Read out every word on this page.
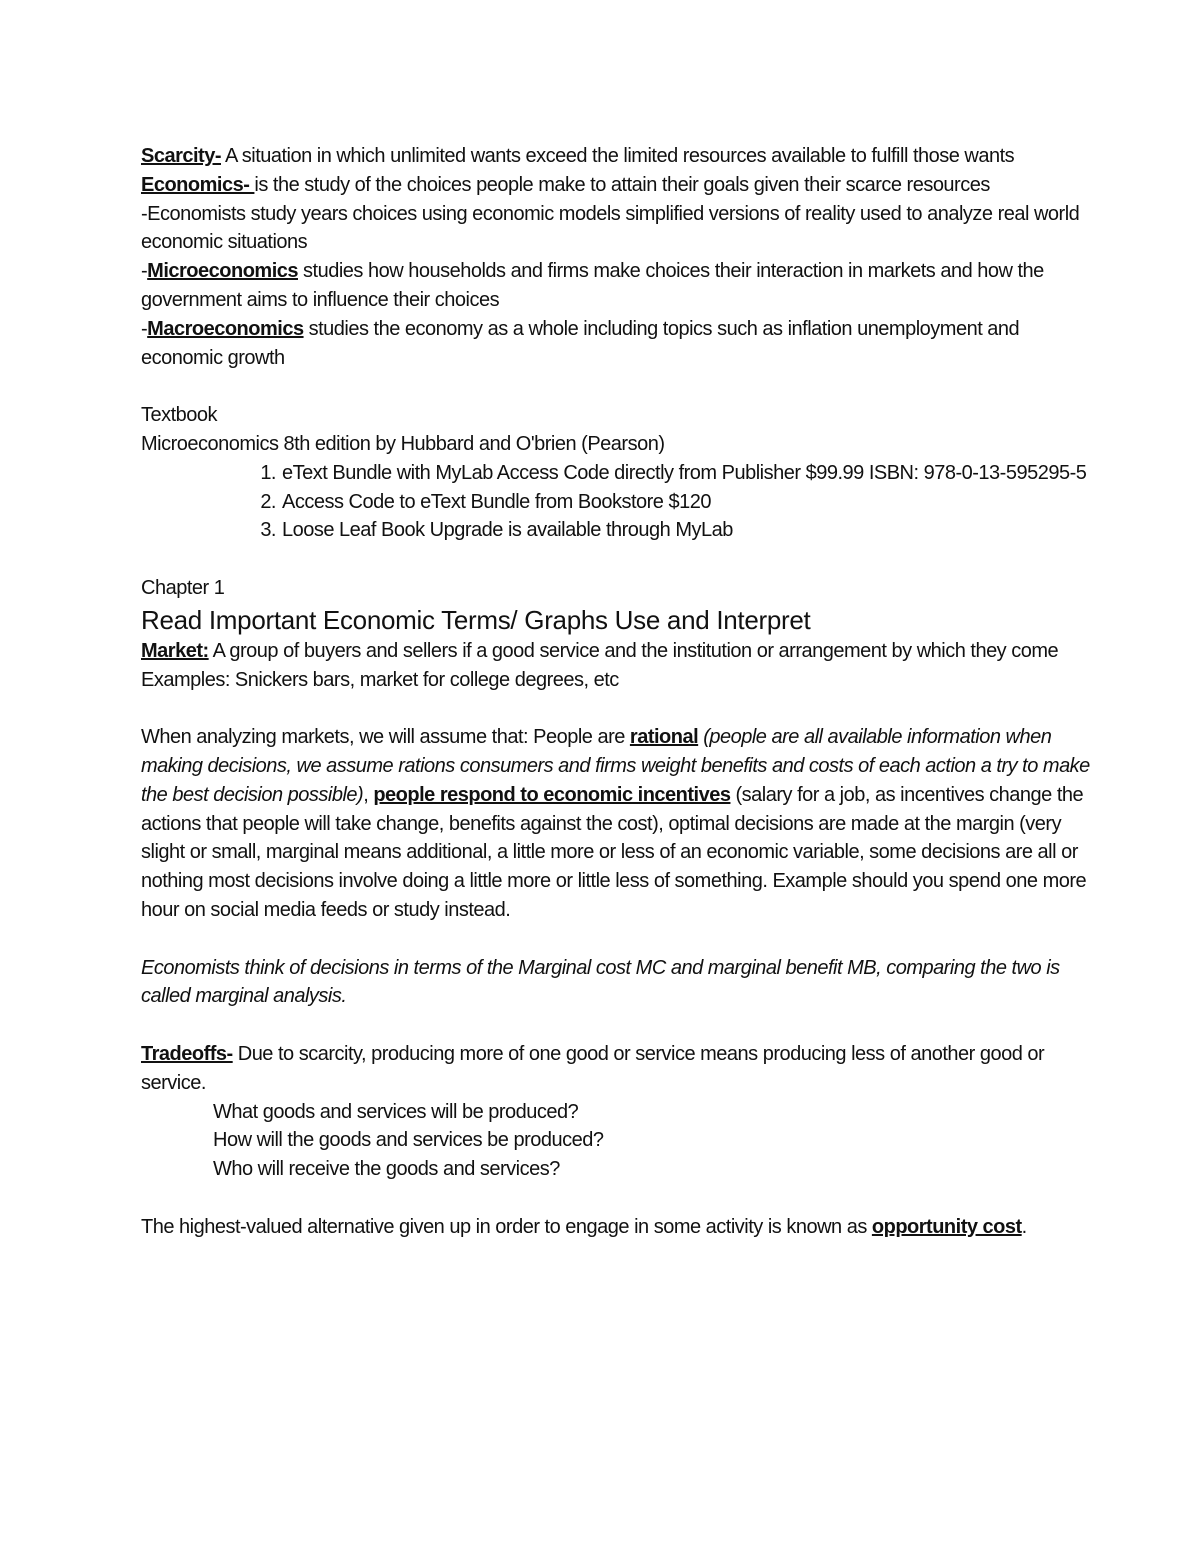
Scarcity- A situation in which unlimited wants exceed the limited resources available to fulfill those wants

Economics- is the study of the choices people make to attain their goals given their scarce resources

-Economists study years choices using economic models simplified versions of reality used to analyze real world economic situations

-Microeconomics studies how households and firms make choices their interaction in markets and how the government aims to influence their choices

-Macroeconomics studies the economy as a whole including topics such as inflation unemployment and economic growth

Textbook

Microeconomics 8th edition by Hubbard and O'brien (Pearson)

1. eText Bundle with MyLab Access Code directly from Publisher $99.99 ISBN: 978-0-13-595295-5
2. Access Code to eText Bundle from Bookstore $120
3. Loose Leaf Book Upgrade is available through MyLab

Chapter 1

Read Important Economic Terms/ Graphs Use and Interpret

Market: A group of buyers and sellers if a good service and the institution or arrangement by which they come

Examples: Snickers bars, market for college degrees, etc

When analyzing markets, we will assume that: People are rational (people are all available information when making decisions, we assume rations consumers and firms weight benefits and costs of each action a try to make the best decision possible), people respond to economic incentives (salary for a job, as incentives change the actions that people will take change, benefits against the cost), optimal decisions are made at the margin (very slight or small, marginal means additional, a little more or less of an economic variable, some decisions are all or nothing most decisions involve doing a little more or little less of something. Example should you spend one more hour on social media feeds or study instead.

Economists think of decisions in terms of the Marginal cost MC and marginal benefit MB, comparing the two is called marginal analysis.

Tradeoffs- Due to scarcity, producing more of one good or service means producing less of another good or service.

What goods and services will be produced?

How will the goods and services be produced?

Who will receive the goods and services?

The highest-valued alternative given up in order to engage in some activity is known as opportunity cost.
